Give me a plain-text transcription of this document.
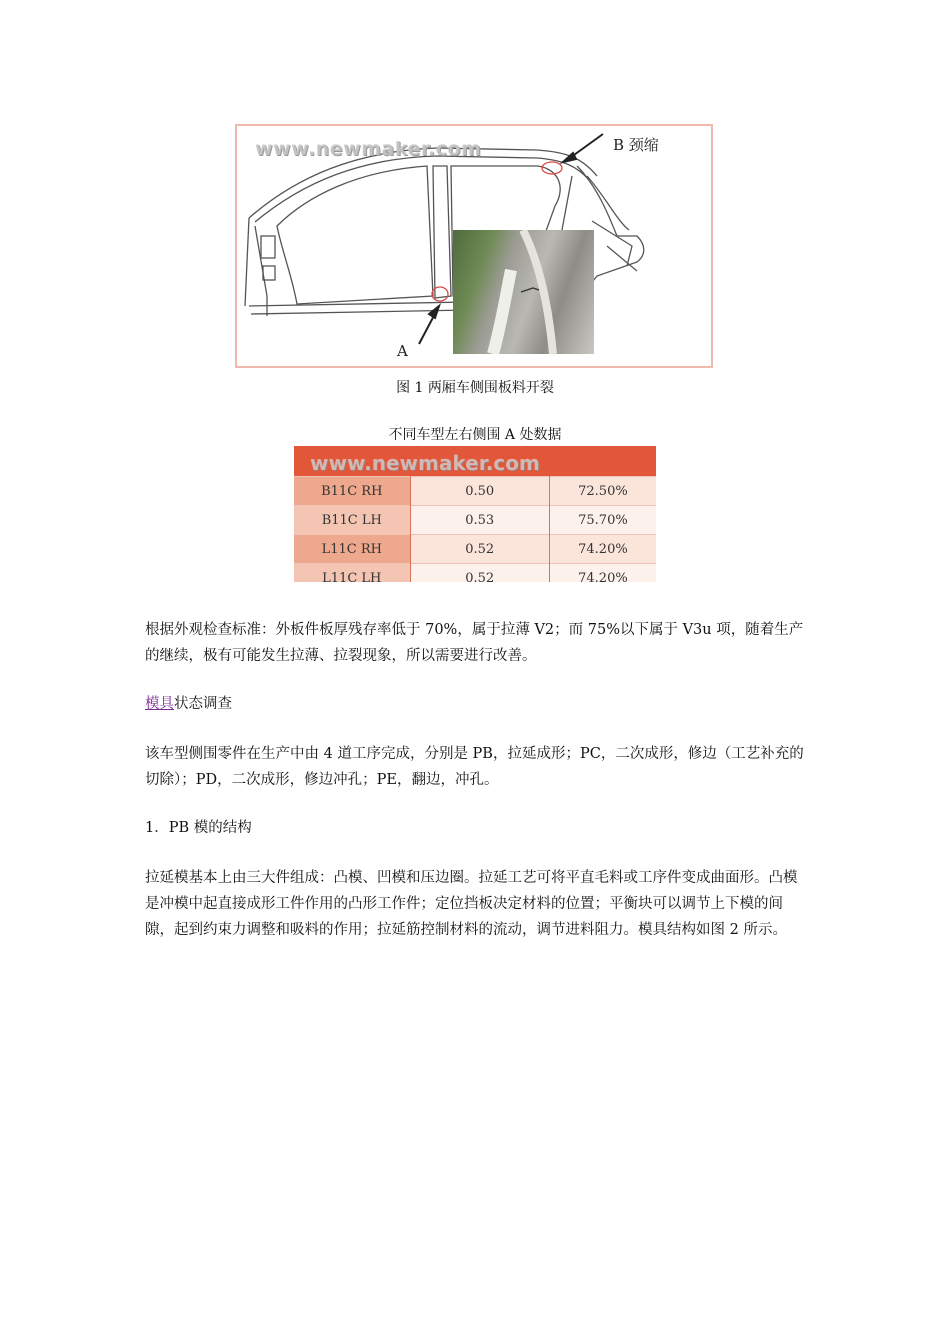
www.newmaker.com	B 颈缩
A
图 1 两厢车侧围板料开裂
不同车型左右侧围 A 处数据

B11C RH	0.50	72.50%
B11C LH	0.53	75.70%
L11C RH	0.52	74.20%
L11C LH	0.52	74.20%
www.newmaker.com

根据外观检查标准：外板件板厚残存率低于 70%，属于拉薄 V2；而 75%以下属于 V3u 项，随着生产的继续，极有可能发生拉薄、拉裂现象，所以需要进行改善。

模具状态调查

该车型侧围零件在生产中由 4 道工序完成，分别是 PB，拉延成形；PC，二次成形，修边（工艺补充的切除）；PD，二次成形，修边冲孔；PE，翻边，冲孔。

1．PB 模的结构

拉延模基本上由三大件组成：凸模、凹模和压边圈。拉延工艺可将平直毛料或工序件变成曲面形。凸模是冲模中起直接成形工件作用的凸形工作件；定位挡板决定材料的位置；平衡块可以调节上下模的间隙，起到约束力调整和吸料的作用；拉延筋控制材料的流动，调节进料阻力。模具结构如图 2 所示。
